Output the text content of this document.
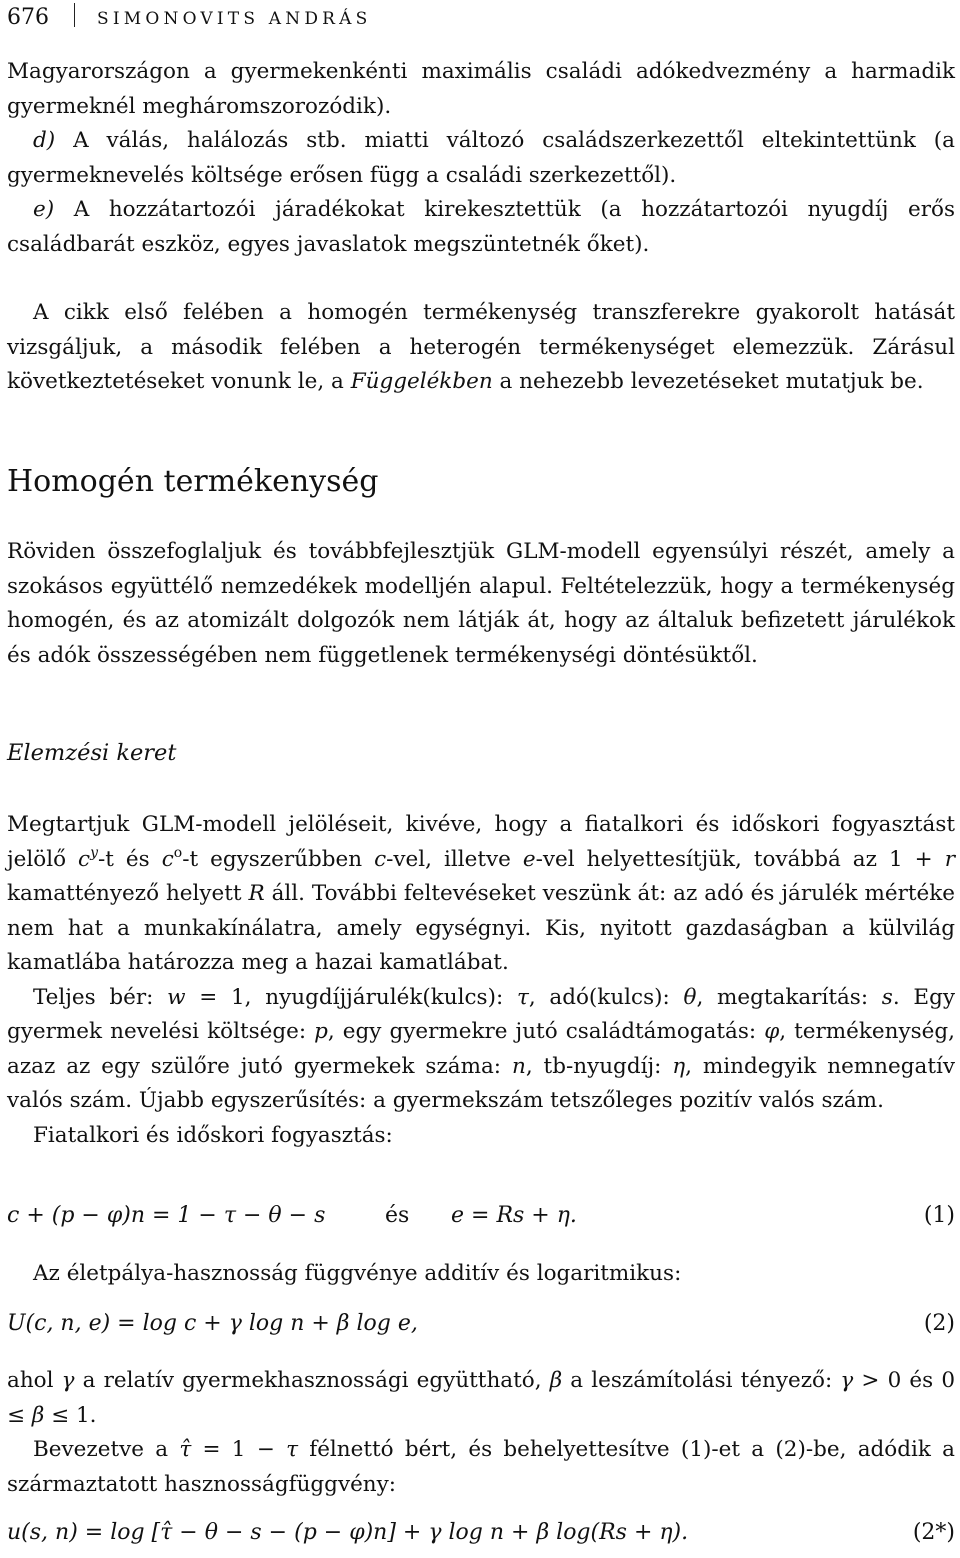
676	SIMONOVITS ANDRÁS

Magyarországon a gyermekenkénti maximális családi adókedvezmény a harmadik gyermeknél megháromszorozódik).

d) A válás, halálozás stb. miatti változó családszerkezettől eltekintettünk (a gyermeknevelés költsége erősen függ a családi szerkezettől).

e) A hozzátartozói járadékokat kirekesztettük (a hozzátartozói nyugdíj erős családbarát eszköz, egyes javaslatok megszüntetnék őket).

A cikk első felében a homogén termékenység transzferekre gyakorolt hatását vizsgáljuk, a második felében a heterogén termékenységet elemezzük. Zárásul következtetéseket vonunk le, a Függelékben a nehezebb levezetéseket mutatjuk be.

Homogén termékenység

Röviden összefoglaljuk és továbbfejlesztjük GLM-modell egyensúlyi részét, amely a szokásos együttélő nemzedékek modelljén alapul. Feltételezzük, hogy a termékenység homogén, és az atomizált dolgozók nem látják át, hogy az általuk befizetett járulékok és adók összességében nem függetlenek termékenységi döntésüktől.

Elemzési keret

Megtartjuk GLM-modell jelöléseit, kivéve, hogy a fiatalkori és időskori fogyasztást jelölő $c^y-t$ és $c^o-t$ egyszerűbben c-vel, illetve e-vel helyettesítjük, továbbá az 1 + r kamattényező helyett R áll. További feltevéseket veszünk át: az adó és járulék mértéke nem hat a munkakínálatra, amely egységnyi. Kis, nyitott gazdaságban a külvilág kamatlába határozza meg a hazai kamatlábat.

Teljes bér: w = 1, nyugdíjjárulék(kulcs): τ, adó(kulcs): θ, megtakarítás: s. Egy gyermek nevelési költsége: p, egy gyermekre jutó családtámogatás: φ, termékenység, azaz az egy szülőre jutó gyermekek száma: n, tb-nyugdíj: η, mindegyik nemnegatív valós szám. Újabb egyszerűsítés: a gyermekszám tetszőleges pozitív valós szám.

Fiatalkori és időskori fogyasztás:

c + (p − φ)n = 1 − τ − θ − s	és e = Rs + η.	(1)

Az életpálya-hasznosság függvénye additív és logaritmikus:

U(c, n, e) = log c + γ log n + β log e,	(2)

ahol γ a relatív gyermekhasznossági együttható, β a leszámítolási tényező: γ > 0 és 0 ≤ β ≤ 1.

Bevezetve a τ̂ = 1 − τ félnettó bért, és behelyettesítve (1)-et a (2)-be, adódik a származtatott hasznosságfüggvény:

u(s, n) = log [τ̂ − θ − s − (p − φ)n] + γ log n + β log(Rs + η).	(2*)
